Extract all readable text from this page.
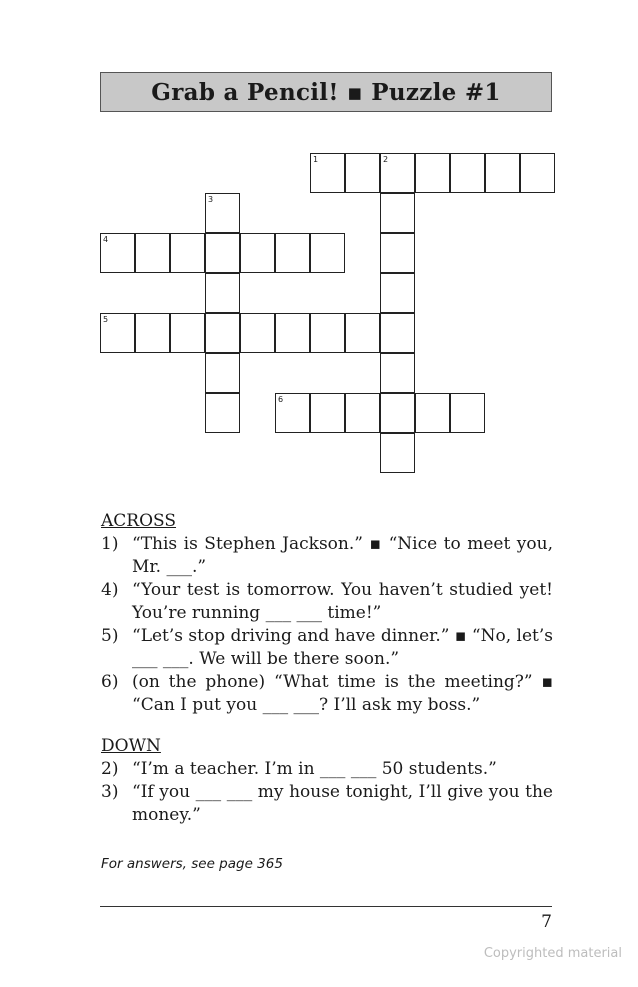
Grab a Pencil! ▪ Puzzle #1
1	2
4
5
6
3

ACROSS

1) “This is Stephen Jackson.” ▪ “Nice to meet you, Mr. ___.”
4) “Your test is tomorrow. You haven’t studied yet! You’re running ___ ___ time!”
5) “Let’s stop driving and have dinner.” ▪ “No, let’s ___ ___. We will be there soon.”
6) (on the phone) “What time is the meeting?” ▪ “Can I put you ___ ___? I’ll ask my boss.”

DOWN

2) “I’m a teacher. I’m in ___ ___ 50 students.”
3) “If you ___ ___ my house tonight, I’ll give you the money.”
For answers, see page 365
7
Copyrighted material
